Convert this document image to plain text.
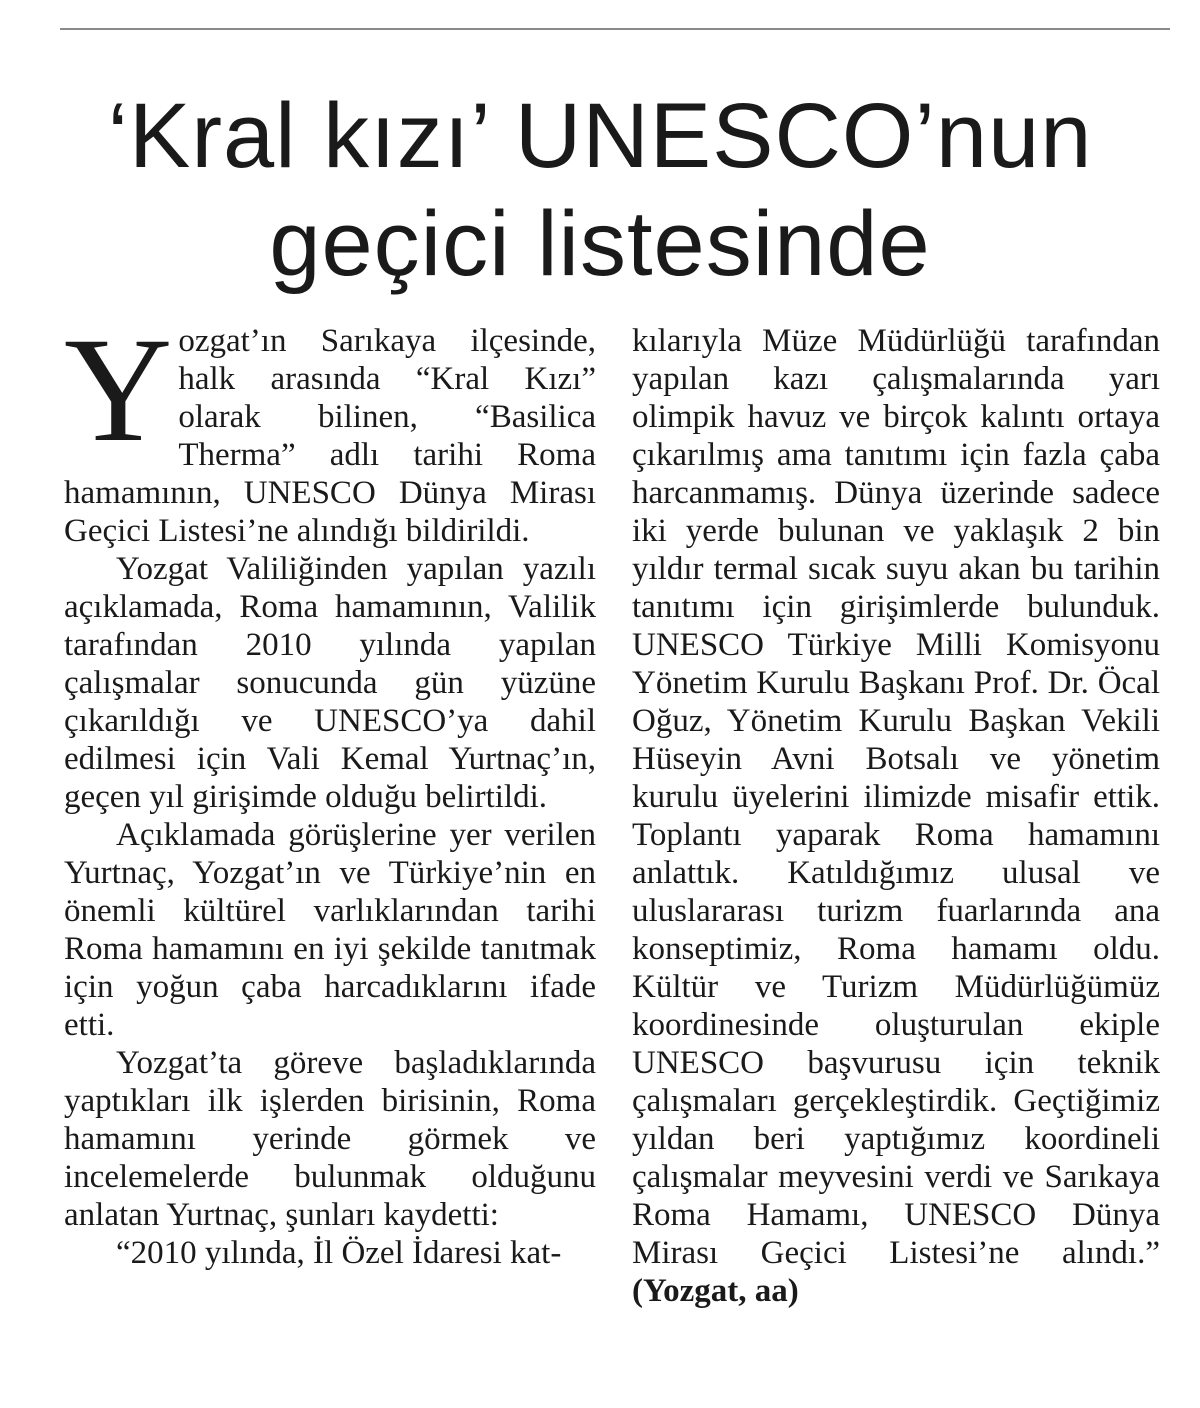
‘Kral kızı’ UNESCO’nun
geçici listesinde

Yozgat’ın Sarıkaya ilçesinde, halk arasında “Kral Kızı” olarak bilinen, “Basilica Therma” adlı tarihi Roma hamamının, UNESCO Dünya Mirası Geçici Listesi’ne alındığı bildirildi.

Yozgat Valiliğinden yapılan yazılı açıklamada, Roma hamamının, Valilik tarafından 2010 yılında yapılan çalışmalar sonucunda gün yüzüne çıkarıldığı ve UNESCO’ya dahil edilmesi için Vali Kemal Yurtnaç’ın, geçen yıl girişimde olduğu belirtildi.

Açıklamada görüşlerine yer verilen Yurtnaç, Yozgat’ın ve Türkiye’nin en önemli kültürel varlıklarından tarihi Roma hamamını en iyi şekilde tanıtmak için yoğun çaba harcadıklarını ifade etti.

Yozgat’ta göreve başladıklarında yaptıkları ilk işlerden birisinin, Roma hamamını yerinde görmek ve incelemelerde bulunmak olduğunu anlatan Yurtnaç, şunları kaydetti:

“2010 yılında, İl Özel İdaresi kat-

kılarıyla Müze Müdürlüğü tarafından yapılan kazı çalışmalarında yarı olimpik havuz ve birçok kalıntı ortaya çıkarılmış ama tanıtımı için fazla çaba harcanmamış. Dünya üzerinde sadece iki yerde bulunan ve yaklaşık 2 bin yıldır termal sıcak suyu akan bu tarihin tanıtımı için girişimlerde bulunduk. UNESCO Türkiye Milli Komisyonu Yönetim Kurulu Başkanı Prof. Dr. Öcal Oğuz, Yönetim Kurulu Başkan Vekili Hüseyin Avni Botsalı ve yönetim kurulu üyelerini ilimizde misafir ettik. Toplantı yaparak Roma hamamını anlattık. Katıldığımız ulusal ve uluslararası turizm fuarlarında ana konseptimiz, Roma hamamı oldu. Kültür ve Turizm Müdürlüğümüz koordinesinde oluşturulan ekiple UNESCO başvurusu için teknik çalışmaları gerçekleştirdik. Geçtiğimiz yıldan beri yaptığımız koordineli çalışmalar meyvesini verdi ve Sarıkaya Roma Hamamı, UNESCO Dünya Mirası Geçici Listesi’ne alındı.” (Yozgat, aa)
